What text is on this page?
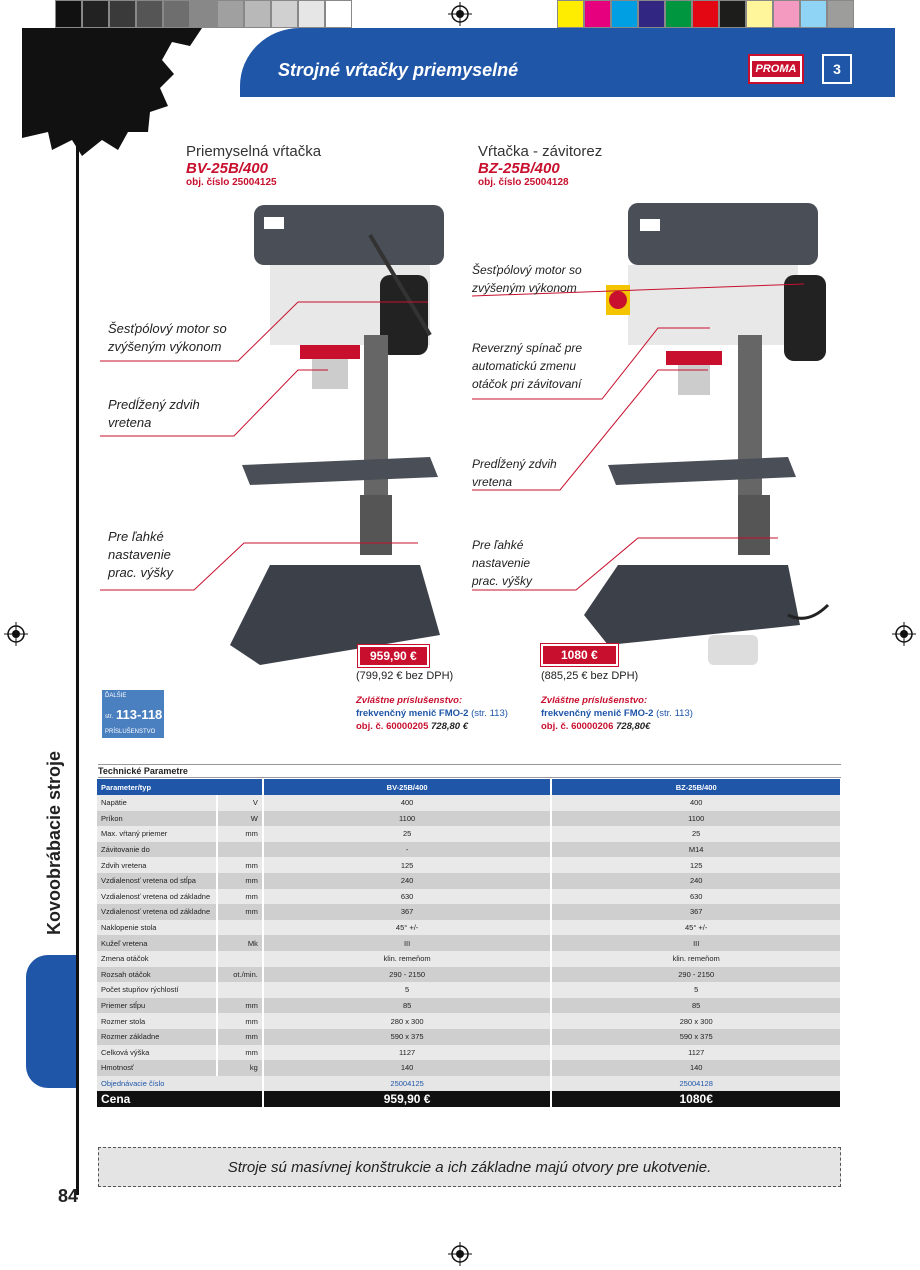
Strojné vŕtačky priemyselné	PROMA	3
Kovoobrábacie stroje
84
Priemyselná vŕtačka
BV-25B/400
obj. číslo 25004125
Vŕtačka - závitorez
BZ-25B/400
obj. číslo 25004128
Šesťpólový motor so zvýšeným výkonom
Predĺžený zdvih vretena
Pre ľahké nastavenie prac. výšky
Šesťpólový motor so zvýšeným výkonom
Reverzný spínač pre automatickú zmenu otáčok pri závitovaní
Predĺžený zdvih vretena
Pre ľahké nastavenie prac. výšky
959,90 €
(799,92 € bez DPH)
1080 €
(885,25 € bez DPH)
Zvláštne príslušenstvo:
frekvenčný menič FMO-2 (str. 113)
obj. č. 60000205 728,80 €
Zvláštne príslušenstvo:
frekvenčný menič FMO-2 (str. 113)
obj. č. 60000206 728,80€
ĎALŠIE
str. 113-118
PRÍSLUŠENSTVO
Technické Parametre
Parameter/typ		BV-25B/400	BZ-25B/400
Napätie	V	400	400
Príkon	W	1100	1100
Max. vŕtaný priemer	mm	25	25
Závitovanie do		-	M14
Zdvih vretena	mm	125	125
Vzdialenosť vretena od stĺpa	mm	240	240
Vzdialenosť vretena od základne	mm	630	630
Vzdialenosť vretena od základne	mm	367	367
Naklopenie stola		45° +/-	45° +/-
Kužeľ vretena	Mk	III	III
Zmena otáčok		klin. remeňom	klin. remeňom
Rozsah otáčok	ot./min.	290 - 2150	290 - 2150
Počet stupňov rýchlostí		5	5
Priemer stĺpu	mm	85	85
Rozmer stola	mm	280 x 300	280 x 300
Rozmer základne	mm	590 x 375	590 x 375
Celková výška	mm	1127	1127
Hmotnosť	kg	140	140
Objednávacie číslo		25004125	25004128
Cena		959,90 €	1080€
Stroje sú masívnej konštrukcie a ich základne majú otvory pre ukotvenie.
